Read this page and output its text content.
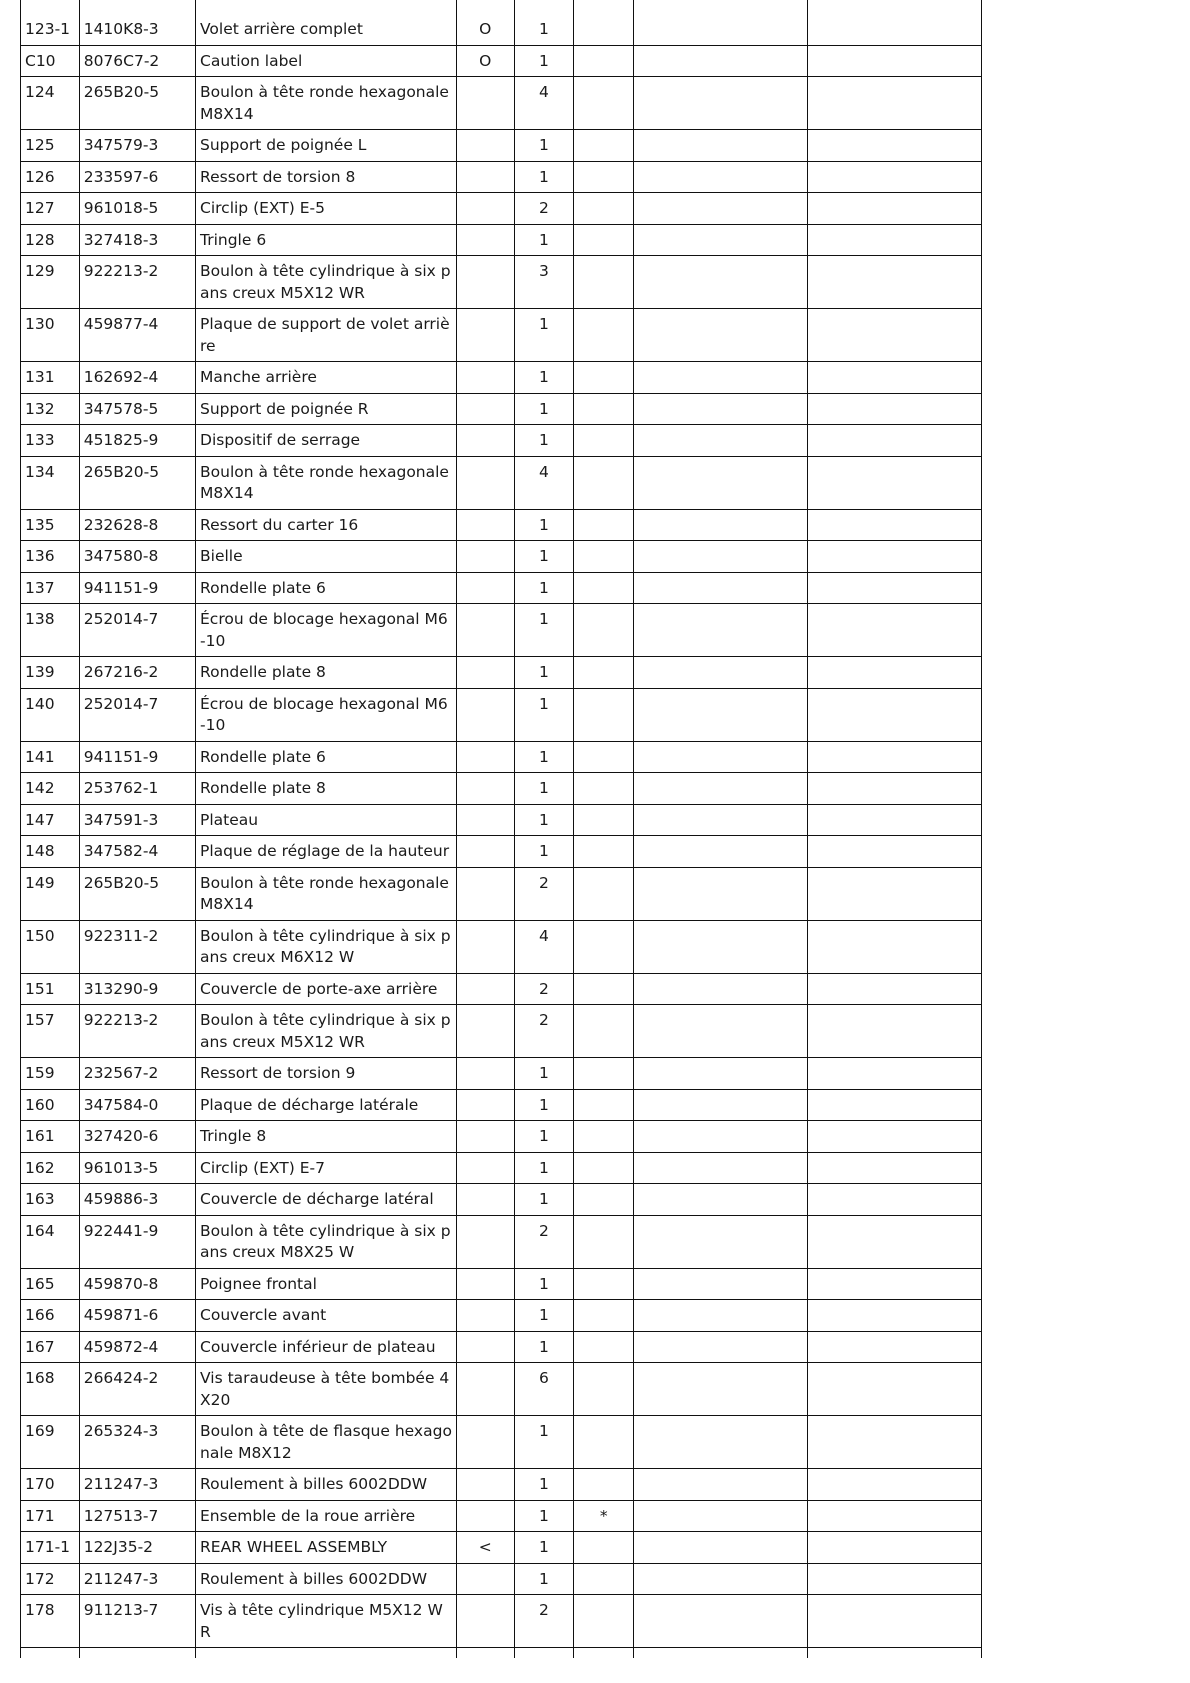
123-1	1410K8-3	Volet arrière complet	O	1			
C10	8076C7-2	Caution label	O	1			
124	265B20-5	Boulon à tête ronde hexagonale M8X14		4			
125	347579-3	Support de poignée L		1			
126	233597-6	Ressort de torsion 8		1			
127	961018-5	Circlip (EXT) E-5		2			
128	327418-3	Tringle 6		1			
129	922213-2	Boulon à tête cylindrique à six pans creux M5X12 WR		3			
130	459877-4	Plaque de support de volet arrière		1			
131	162692-4	Manche arrière		1			
132	347578-5	Support de poignée R		1			
133	451825-9	Dispositif de serrage		1			
134	265B20-5	Boulon à tête ronde hexagonale M8X14		4			
135	232628-8	Ressort du carter 16		1			
136	347580-8	Bielle		1			
137	941151-9	Rondelle plate 6		1			
138	252014-7	Écrou de blocage hexagonal M6-10		1			
139	267216-2	Rondelle plate 8		1			
140	252014-7	Écrou de blocage hexagonal M6-10		1			
141	941151-9	Rondelle plate 6		1			
142	253762-1	Rondelle plate 8		1			
147	347591-3	Plateau		1			
148	347582-4	Plaque de réglage de la hauteur		1			
149	265B20-5	Boulon à tête ronde hexagonale M8X14		2			
150	922311-2	Boulon à tête cylindrique à six pans creux M6X12 W		4			
151	313290-9	Couvercle de porte-axe arrière		2			
157	922213-2	Boulon à tête cylindrique à six pans creux M5X12 WR		2			
159	232567-2	Ressort de torsion 9		1			
160	347584-0	Plaque de décharge latérale		1			
161	327420-6	Tringle 8		1			
162	961013-5	Circlip (EXT) E-7		1			
163	459886-3	Couvercle de décharge latéral		1			
164	922441-9	Boulon à tête cylindrique à six pans creux M8X25 W		2			
165	459870-8	Poignee frontal		1			
166	459871-6	Couvercle avant		1			
167	459872-4	Couvercle inférieur de plateau		1			
168	266424-2	Vis taraudeuse à tête bombée 4X20		6			
169	265324-3	Boulon à tête de flasque hexagonale M8X12		1			
170	211247-3	Roulement à billes 6002DDW		1			
171	127513-7	Ensemble de la roue arrière		1	*		
171-1	122J35-2	REAR WHEEL ASSEMBLY	<	1			
172	211247-3	Roulement à billes 6002DDW		1			
178	911213-7	Vis à tête cylindrique M5X12 WR		2			
